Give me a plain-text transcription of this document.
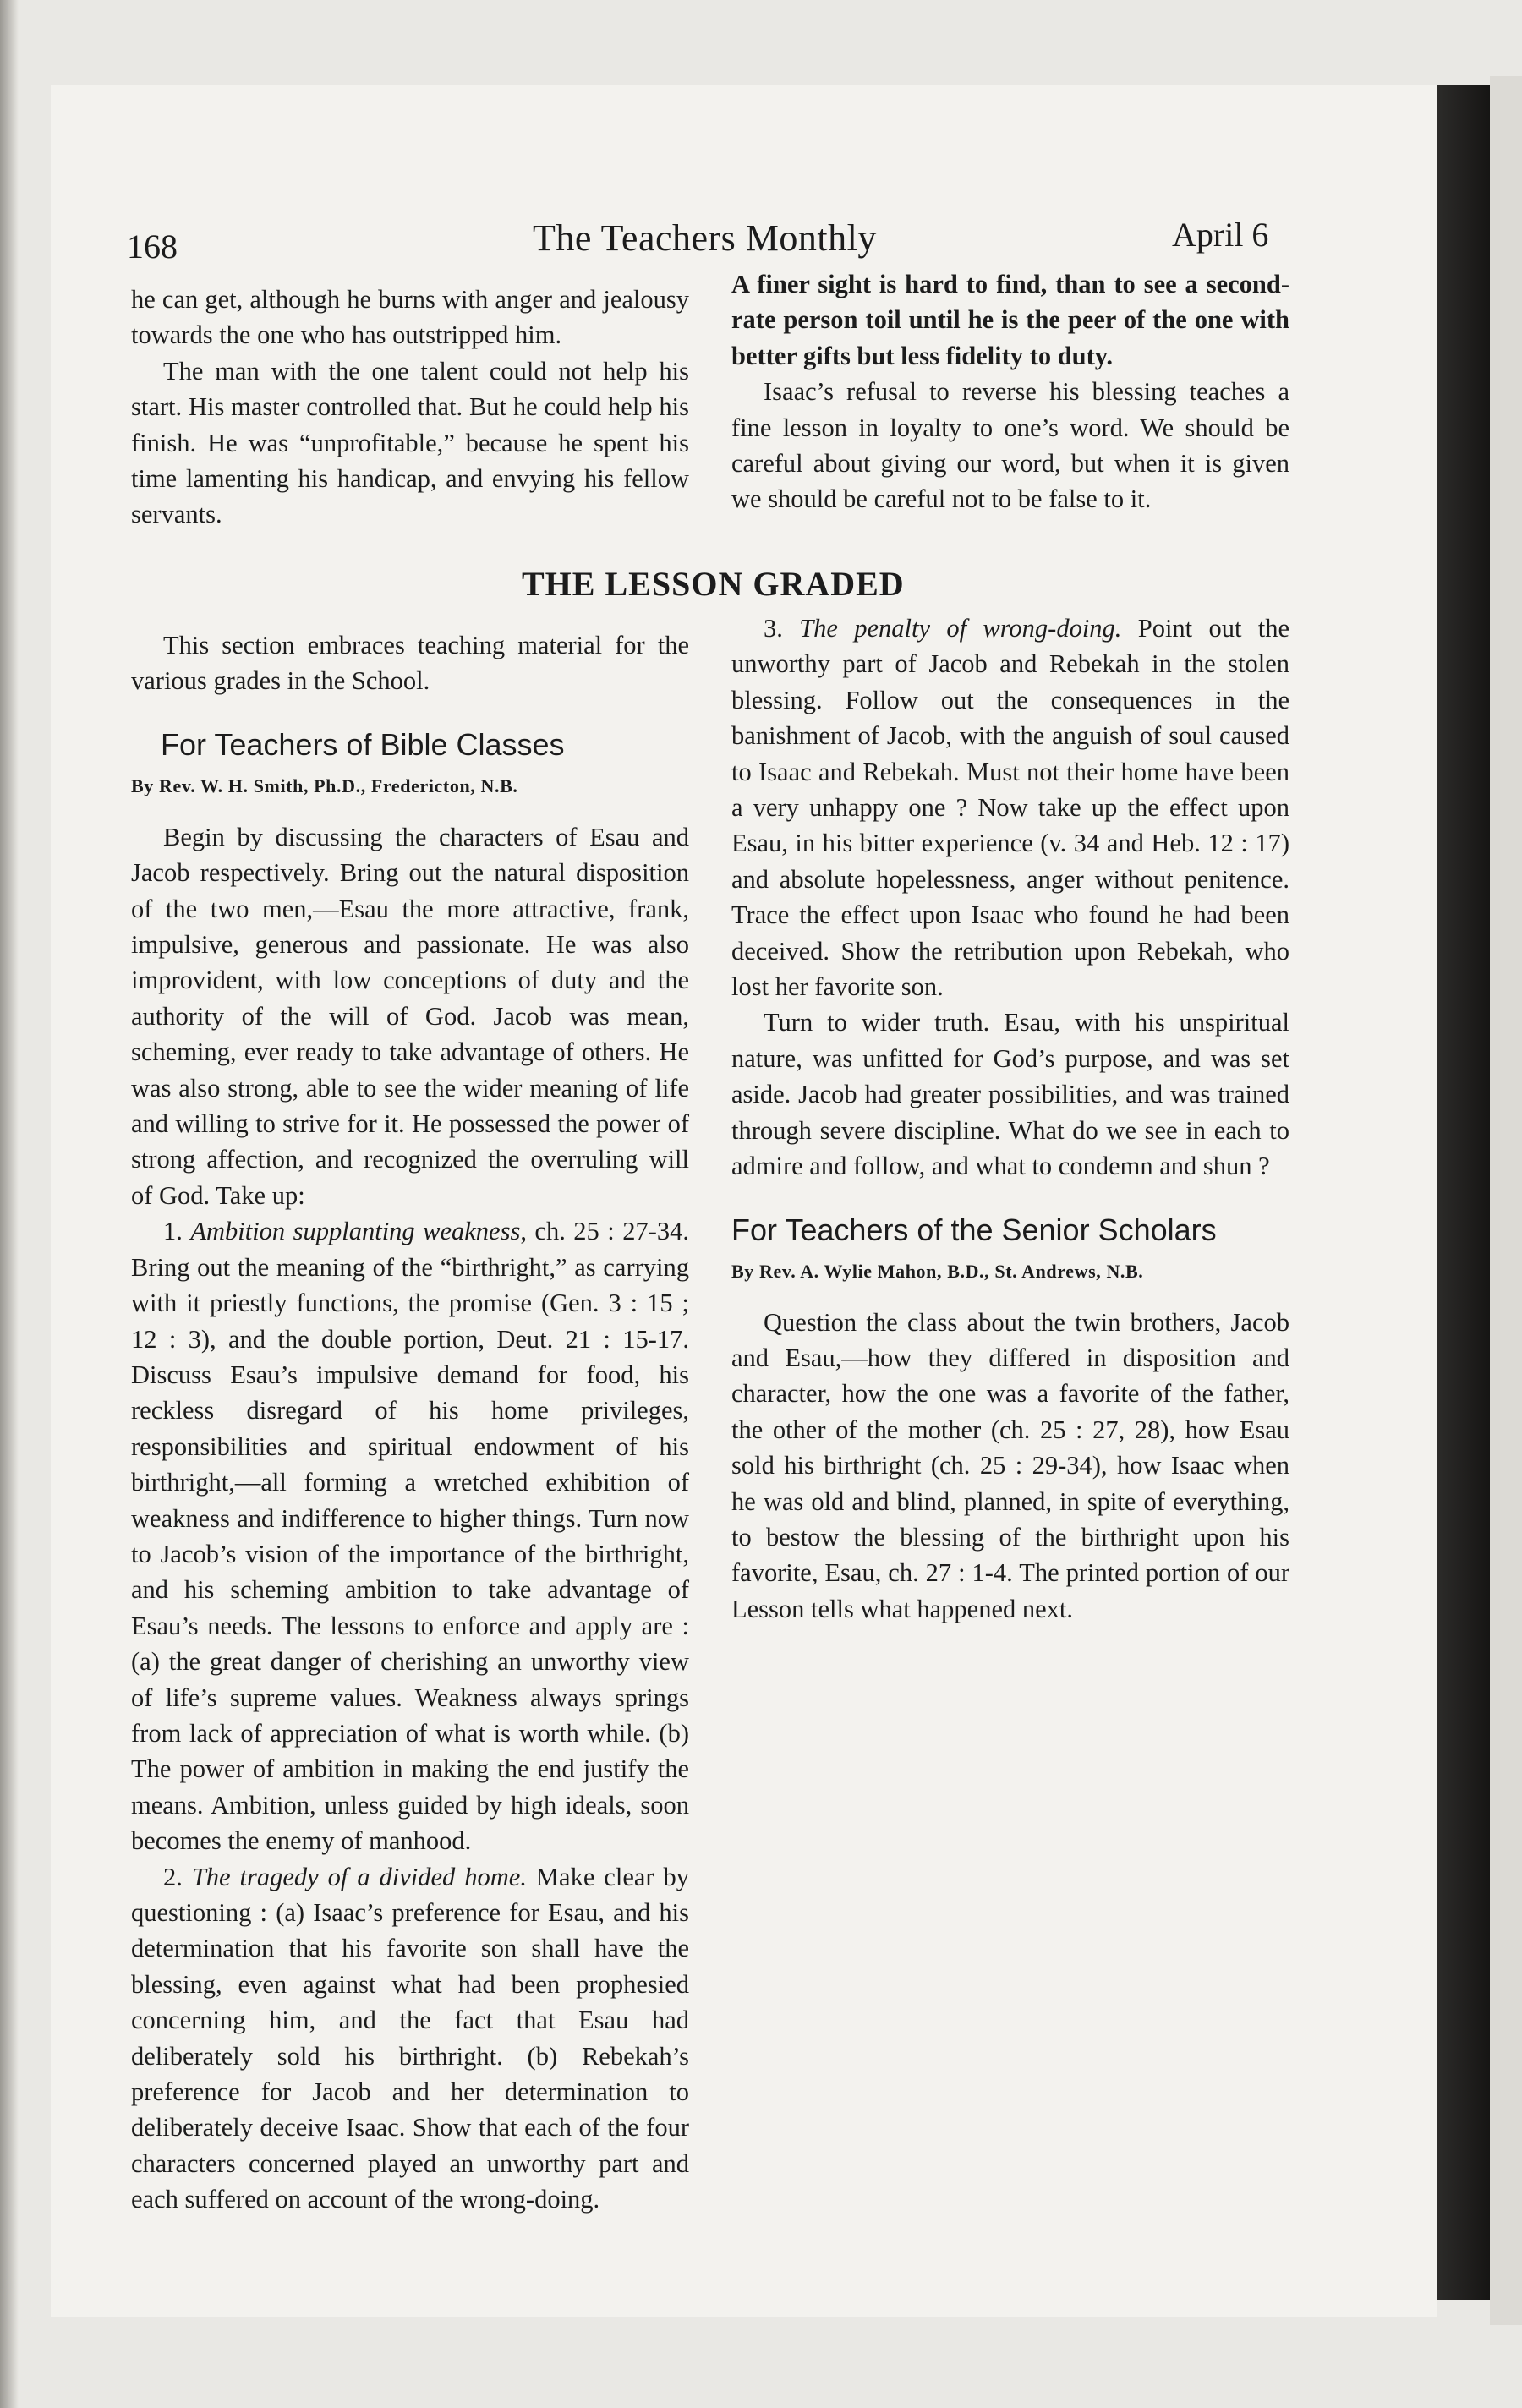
168	The Teachers Monthly	April 6

he can get, although he burns with anger and jealousy towards the one who has outstripped him.

The man with the one talent could not help his start. His master controlled that. But he could help his finish. He was “unprofitable,” because he spent his time lamenting his handicap, and envying his fellow servants.

A finer sight is hard to find, than to see a second-rate person toil until he is the peer of the one with better gifts but less fidelity to duty.

Isaac’s refusal to reverse his blessing teaches a fine lesson in loyalty to one’s word. We should be careful about giving our word, but when it is given we should be careful not to be false to it.

THE LESSON GRADED

This section embraces teaching material for the various grades in the School.

For Teachers of Bible Classes
By Rev. W. H. Smith, Ph.D., Fredericton, N.B.

Begin by discussing the characters of Esau and Jacob respectively. Bring out the natural disposition of the two men,—Esau the more attractive, frank, impulsive, generous and passionate. He was also improvident, with low conceptions of duty and the authority of the will of God. Jacob was mean, scheming, ever ready to take advantage of others. He was also strong, able to see the wider meaning of life and willing to strive for it. He possessed the power of strong affection, and recognized the overruling will of God. Take up:

1. Ambition supplanting weakness, ch. 25 : 27-34. Bring out the meaning of the “birthright,” as carrying with it priestly functions, the promise (Gen. 3 : 15 ; 12 : 3), and the double portion, Deut. 21 : 15-17. Discuss Esau’s impulsive demand for food, his reckless disregard of his home privileges, responsibilities and spiritual endowment of his birthright,—all forming a wretched exhibition of weakness and indifference to higher things. Turn now to Jacob’s vision of the importance of the birthright, and his scheming ambition to take advantage of Esau’s needs. The lessons to enforce and apply are : (a) the great danger of cherishing an unworthy view of life’s supreme values. Weakness always springs from lack of appreciation of what is worth while. (b) The power of ambition in making the end justify the means. Ambition, unless guided by high ideals, soon becomes the enemy of manhood.

2. The tragedy of a divided home. Make clear by questioning : (a) Isaac’s preference for Esau, and his determination that his favorite son shall have the blessing, even against what had been prophesied concerning him, and the fact that Esau had deliberately sold his birthright. (b) Rebekah’s preference for Jacob and her determination to deliberately deceive Isaac. Show that each of the four characters concerned played an unworthy part and each suffered on account of the wrong-doing.

3. The penalty of wrong-doing. Point out the unworthy part of Jacob and Rebekah in the stolen blessing. Follow out the consequences in the banishment of Jacob, with the anguish of soul caused to Isaac and Rebekah. Must not their home have been a very unhappy one ? Now take up the effect upon Esau, in his bitter experience (v. 34 and Heb. 12 : 17) and absolute hopelessness, anger without penitence. Trace the effect upon Isaac who found he had been deceived. Show the retribution upon Rebekah, who lost her favorite son.

Turn to wider truth. Esau, with his unspiritual nature, was unfitted for God’s purpose, and was set aside. Jacob had greater possibilities, and was trained through severe discipline. What do we see in each to admire and follow, and what to condemn and shun ?

For Teachers of the Senior Scholars
By Rev. A. Wylie Mahon, B.D., St. Andrews, N.B.

Question the class about the twin brothers, Jacob and Esau,—how they differed in disposition and character, how the one was a favorite of the father, the other of the mother (ch. 25 : 27, 28), how Esau sold his birthright (ch. 25 : 29-34), how Isaac when he was old and blind, planned, in spite of everything, to bestow the blessing of the birthright upon his favorite, Esau, ch. 27 : 1-4. The printed portion of our Lesson tells what happened next.
